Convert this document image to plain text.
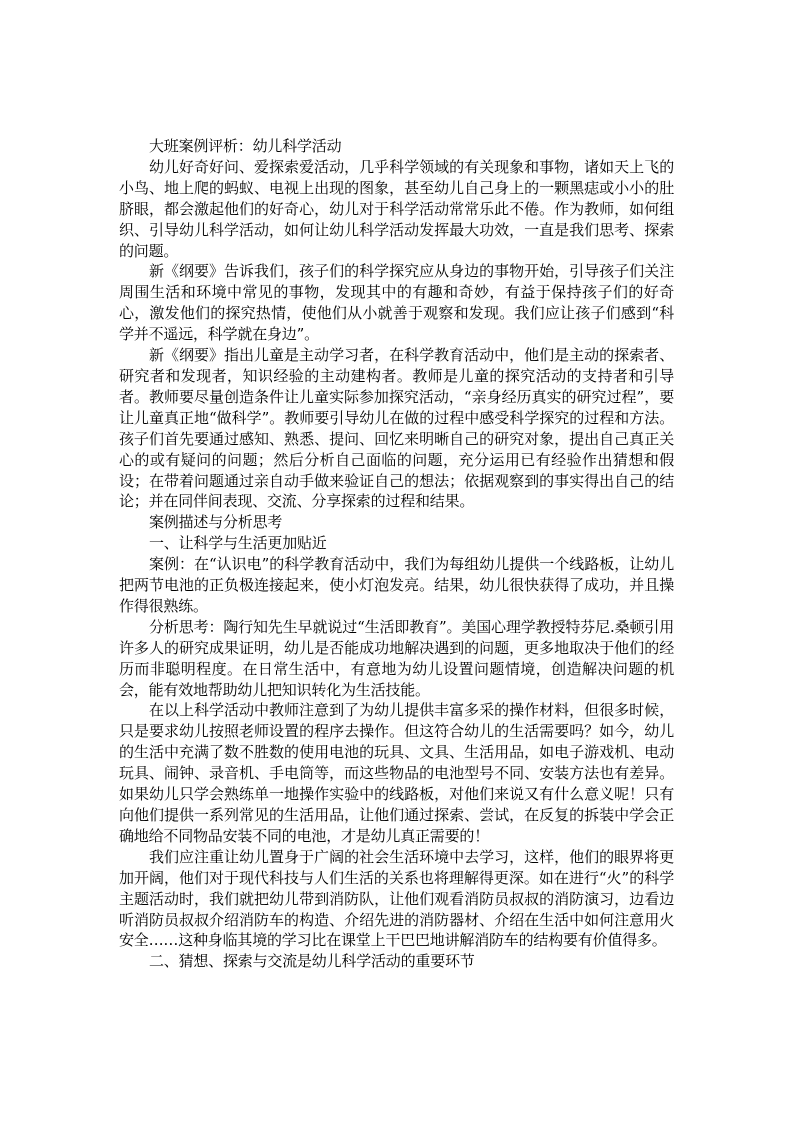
大班案例评析：幼儿科学活动

幼儿好奇好问、爱探索爱活动，几乎科学领域的有关现象和事物，诸如天上飞的小鸟、地上爬的蚂蚁、电视上出现的图象，甚至幼儿自己身上的一颗黑痣或小小的肚脐眼，都会激起他们的好奇心，幼儿对于科学活动常常乐此不倦。作为教师，如何组织、引导幼儿科学活动，如何让幼儿科学活动发挥最大功效，一直是我们思考、探索的问题。

新《纲要》告诉我们，孩子们的科学探究应从身边的事物开始，引导孩子们关注周围生活和环境中常见的事物，发现其中的有趣和奇妙，有益于保持孩子们的好奇心，激发他们的探究热情，使他们从小就善于观察和发现。我们应让孩子们感到“科学并不遥远，科学就在身边”。

新《纲要》指出儿童是主动学习者，在科学教育活动中，他们是主动的探索者、研究者和发现者，知识经验的主动建构者。教师是儿童的探究活动的支持者和引导者。教师要尽量创造条件让儿童实际参加探究活动，“亲身经历真实的研究过程”，要让儿童真正地“做科学”。教师要引导幼儿在做的过程中感受科学探究的过程和方法。孩子们首先要通过感知、熟悉、提问、回忆来明晰自己的研究对象，提出自己真正关心的或有疑问的问题；然后分析自己面临的问题，充分运用已有经验作出猜想和假设；在带着问题通过亲自动手做来验证自己的想法；依据观察到的事实得出自己的结论；并在同伴间表现、交流、分享探索的过程和结果。

案例描述与分析思考

一、让科学与生活更加贴近

案例：在“认识电”的科学教育活动中，我们为每组幼儿提供一个线路板，让幼儿把两节电池的正负极连接起来，使小灯泡发亮。结果，幼儿很快获得了成功，并且操作得很熟练。

分析思考：陶行知先生早就说过“生活即教育”。美国心理学教授特芬尼.桑顿引用许多人的研究成果证明，幼儿是否能成功地解决遇到的问题，更多地取决于他们的经历而非聪明程度。在日常生活中，有意地为幼儿设置问题情境，创造解决问题的机会，能有效地帮助幼儿把知识转化为生活技能。

在以上科学活动中教师注意到了为幼儿提供丰富多采的操作材料，但很多时候，只是要求幼儿按照老师设置的程序去操作。但这符合幼儿的生活需要吗？如今，幼儿的生活中充满了数不胜数的使用电池的玩具、文具、生活用品，如电子游戏机、电动玩具、闹钟、录音机、手电筒等，而这些物品的电池型号不同、安装方法也有差异。如果幼儿只学会熟练单一地操作实验中的线路板，对他们来说又有什么意义呢！只有向他们提供一系列常见的生活用品，让他们通过探索、尝试，在反复的拆装中学会正确地给不同物品安装不同的电池，才是幼儿真正需要的！

我们应注重让幼儿置身于广阔的社会生活环境中去学习，这样，他们的眼界将更加开阔，他们对于现代科技与人们生活的关系也将理解得更深。如在进行“火”的科学主题活动时，我们就把幼儿带到消防队，让他们观看消防员叔叔的消防演习，边看边听消防员叔叔介绍消防车的构造、介绍先进的消防器材、介绍在生活中如何注意用火安全……这种身临其境的学习比在课堂上干巴巴地讲解消防车的结构要有价值得多。

二、猜想、探索与交流是幼儿科学活动的重要环节
